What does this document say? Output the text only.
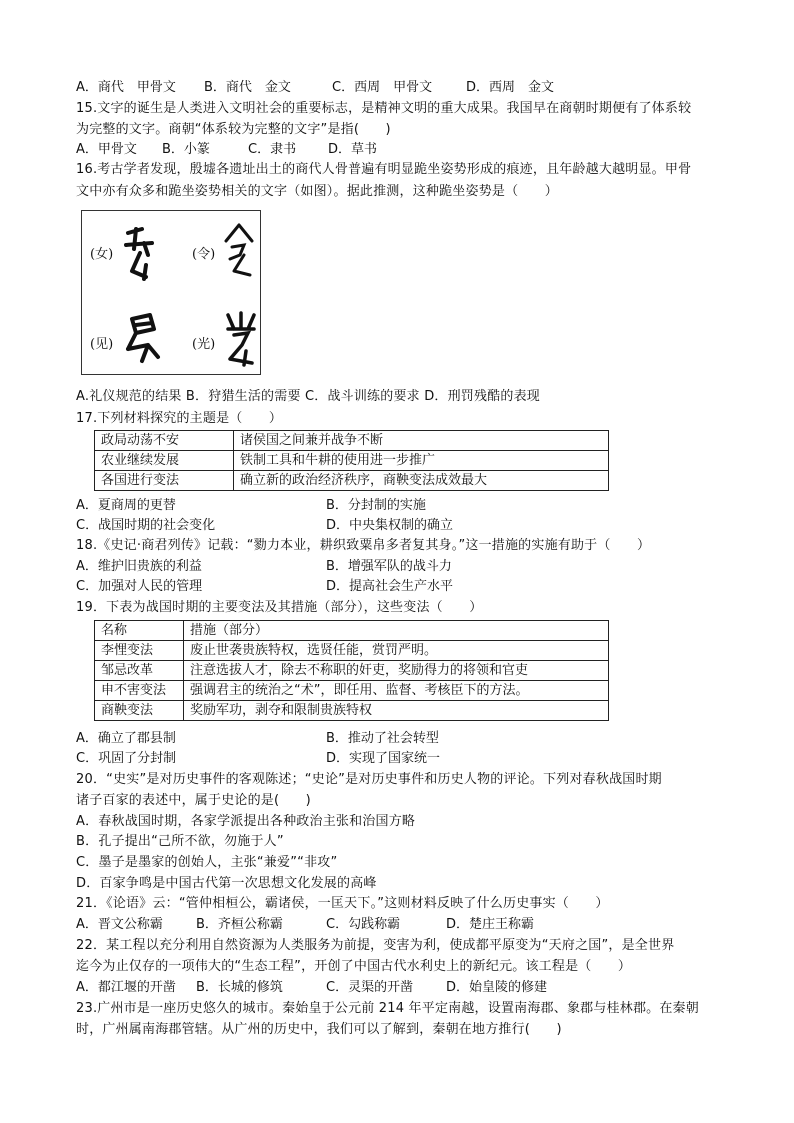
A．商代　甲骨文 B．商代　金文	C．西周　甲骨文	D．西周　金文
15.文字的诞生是人类进入文明社会的重要标志，是精神文明的重大成果。我国早在商朝时期便有了体系较
为完整的文字。商朝“体系较为完整的文字”是指(　　)
A．甲骨文 B．小篆	C．隶书 D．草书
16.考古学者发现，殷墟各遗址出土的商代人骨普遍有明显跪坐姿势形成的痕迹，且年龄越大越明显。甲骨
文中亦有众多和跪坐姿势相关的文字（如图）。据此推测，这种跪坐姿势是（　　）
(女)	(令)
(见)	(光)
A.礼仪规范的结果 B．狩猎生活的需要 C．战斗训练的要求 D．刑罚残酷的表现
17.下列材料探究的主题是（　　）
政局动荡不安	诸侯国之间兼并战争不断
农业继续发展	铁制工具和牛耕的使用进一步推广
各国进行变法	确立新的政治经济秩序，商鞅变法成效最大
A．夏商周的更替	B．分封制的实施
C．战国时期的社会变化	D．中央集权制的确立
18.《史记·商君列传》记载：“勠力本业，耕织致粟帛多者复其身。”这一措施的实施有助于（　　）
A．维护旧贵族的利益	B．增强军队的战斗力
C．加强对人民的管理	D．提高社会生产水平
19．下表为战国时期的主要变法及其措施（部分），这些变法（　　）
名称	措施（部分）
李悝变法	废止世袭贵族特权，选贤任能，赏罚严明。
邹忌改革	注意选拔人才，除去不称职的奸吏，奖励得力的将领和官吏
申不害变法	强调君主的统治之“术”，即任用、监督、考核臣下的方法。
商鞅变法	奖励军功，剥夺和限制贵族特权
A．确立了郡县制	B．推动了社会转型
C．巩固了分封制	D．实现了国家统一
20．“史实”是对历史事件的客观陈述；“史论”是对历史事件和历史人物的评论。下列对春秋战国时期
诸子百家的表述中，属于史论的是(　　)
A．春秋战国时期，各家学派提出各种政治主张和治国方略
B．孔子提出“己所不欲，勿施于人”
C．墨子是墨家的创始人，主张“兼爱”“非攻”
D．百家争鸣是中国古代第一次思想文化发展的高峰
21．《论语》云：“管仲相桓公，霸诸侯，一匡天下。”这则材料反映了什么历史事实（　　）
A．晋文公称霸	B．齐桓公称霸	C．勾践称霸	D．楚庄王称霸
22．某工程以充分利用自然资源为人类服务为前提，变害为利，使成都平原变为“天府之国”，是全世界
迄今为止仅存的一项伟大的“生态工程”，开创了中国古代水利史上的新纪元。该工程是（　　）
A．都江堰的开凿 B．长城的修筑	C．灵渠的开凿	D．始皇陵的修建
23.广州市是一座历史悠久的城市。秦始皇于公元前 214 年平定南越，设置南海郡、象郡与桂林郡。在秦朝
时，广州属南海郡管辖。从广州的历史中，我们可以了解到，秦朝在地方推行(　　)
